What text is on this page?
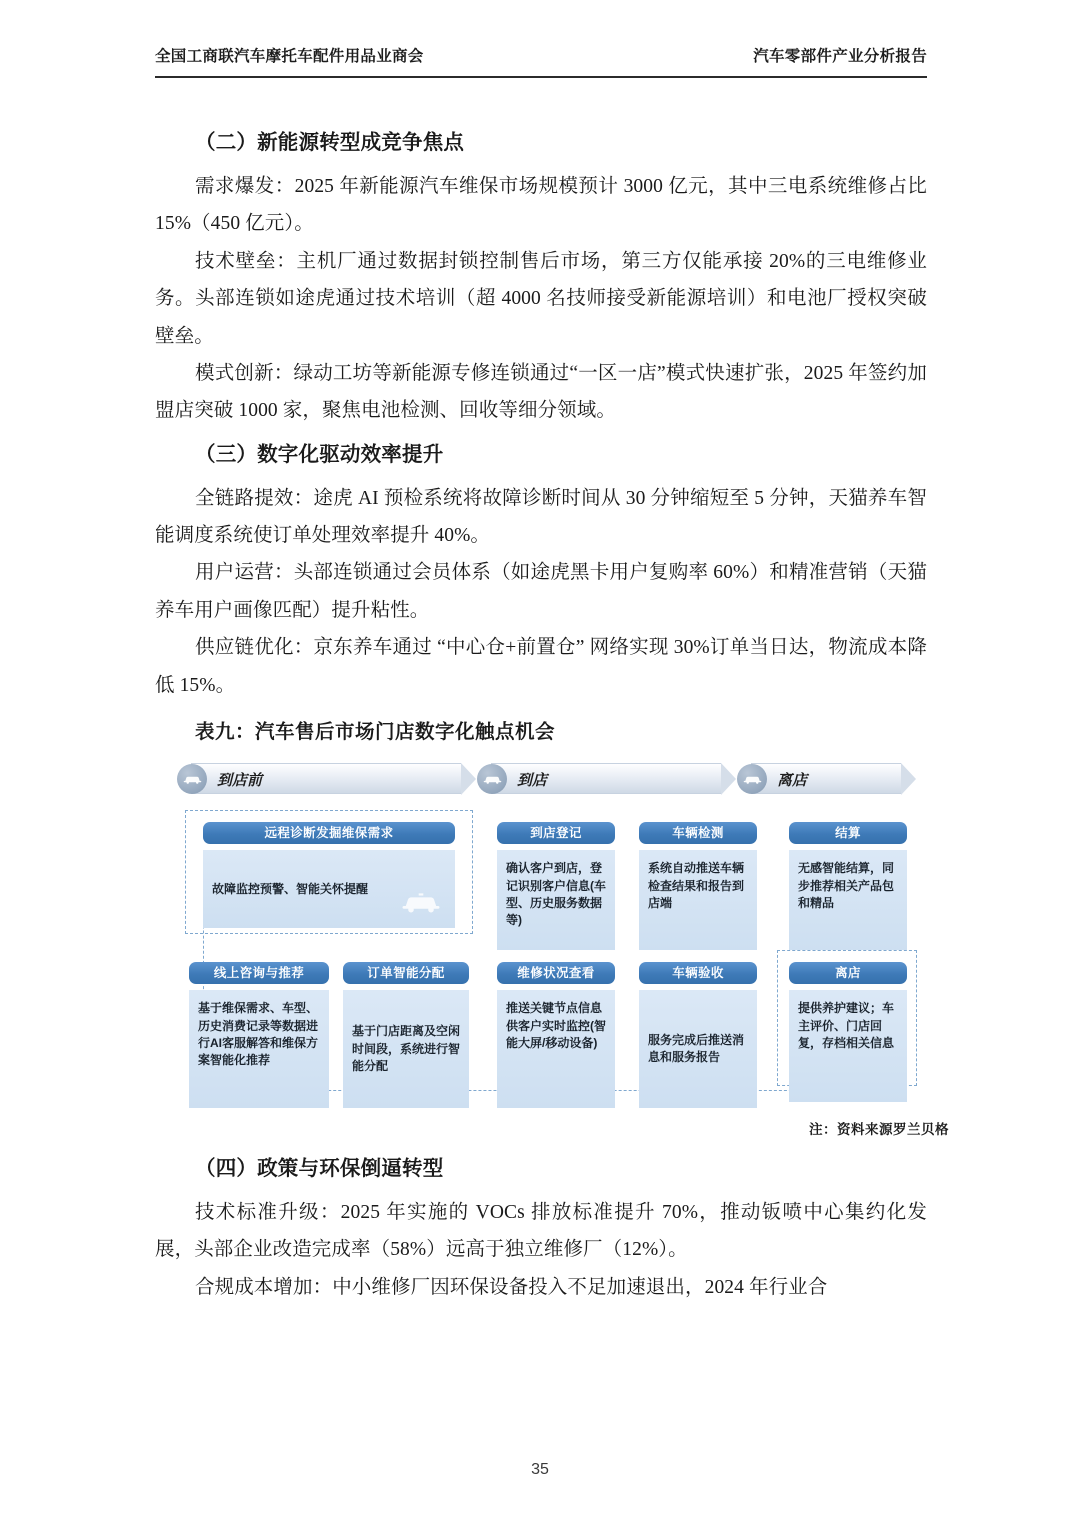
全国工商联汽车摩托车配件用品业商会	汽车零部件产业分析报告
（二）新能源转型成竞争焦点

需求爆发：2025 年新能源汽车维保市场规模预计 3000 亿元，其中三电系统维修占比 15%（450 亿元）。

技术壁垒：主机厂通过数据封锁控制售后市场，第三方仅能承接 20%的三电维修业务。头部连锁如途虎通过技术培训（超 4000 名技师接受新能源培训）和电池厂授权突破壁垒。

模式创新：绿动工坊等新能源专修连锁通过“一区一店”模式快速扩张，2025 年签约加盟店突破 1000 家，聚焦电池检测、回收等细分领域。

（三）数字化驱动效率提升

全链路提效：途虎 AI 预检系统将故障诊断时间从 30 分钟缩短至 5 分钟，天猫养车智能调度系统使订单处理效率提升 40%。

用户运营：头部连锁通过会员体系（如途虎黑卡用户复购率 60%）和精准营销（天猫养车用户画像匹配）提升粘性。

供应链优化：京东养车通过 “中心仓+前置仓” 网络实现 30%订单当日达，物流成本降低 15%。

表九：汽车售后市场门店数字化触点机会
到店前	到店	离店
远程诊断发掘维保需求
故障监控预警、智能关怀提醒
到店登记
确认客户到店，登记识别客户信息(车型、历史服务数据等)
车辆检测
系统自动推送车辆检查结果和报告到店端
结算
无感智能结算，同步推荐相关产品包和精品
线上咨询与推荐
基于维保需求、车型、历史消费记录等数据进行AI客服解答和维保方案智能化推荐
订单智能分配
基于门店距离及空闲时间段，系统进行智能分配
维修状况查看
推送关键节点信息供客户实时监控(智能大屏/移动设备)
车辆验收
服务完成后推送消息和服务报告
离店
提供养护建议；车主评价、门店回复，存档相关信息
注：资料来源罗兰贝格
（四）政策与环保倒逼转型

技术标准升级：2025 年实施的 VOCs 排放标准提升 70%，推动钣喷中心集约化发展，头部企业改造完成率（58%）远高于独立维修厂（12%）。

合规成本增加：中小维修厂因环保设备投入不足加速退出，2024 年行业合

35
